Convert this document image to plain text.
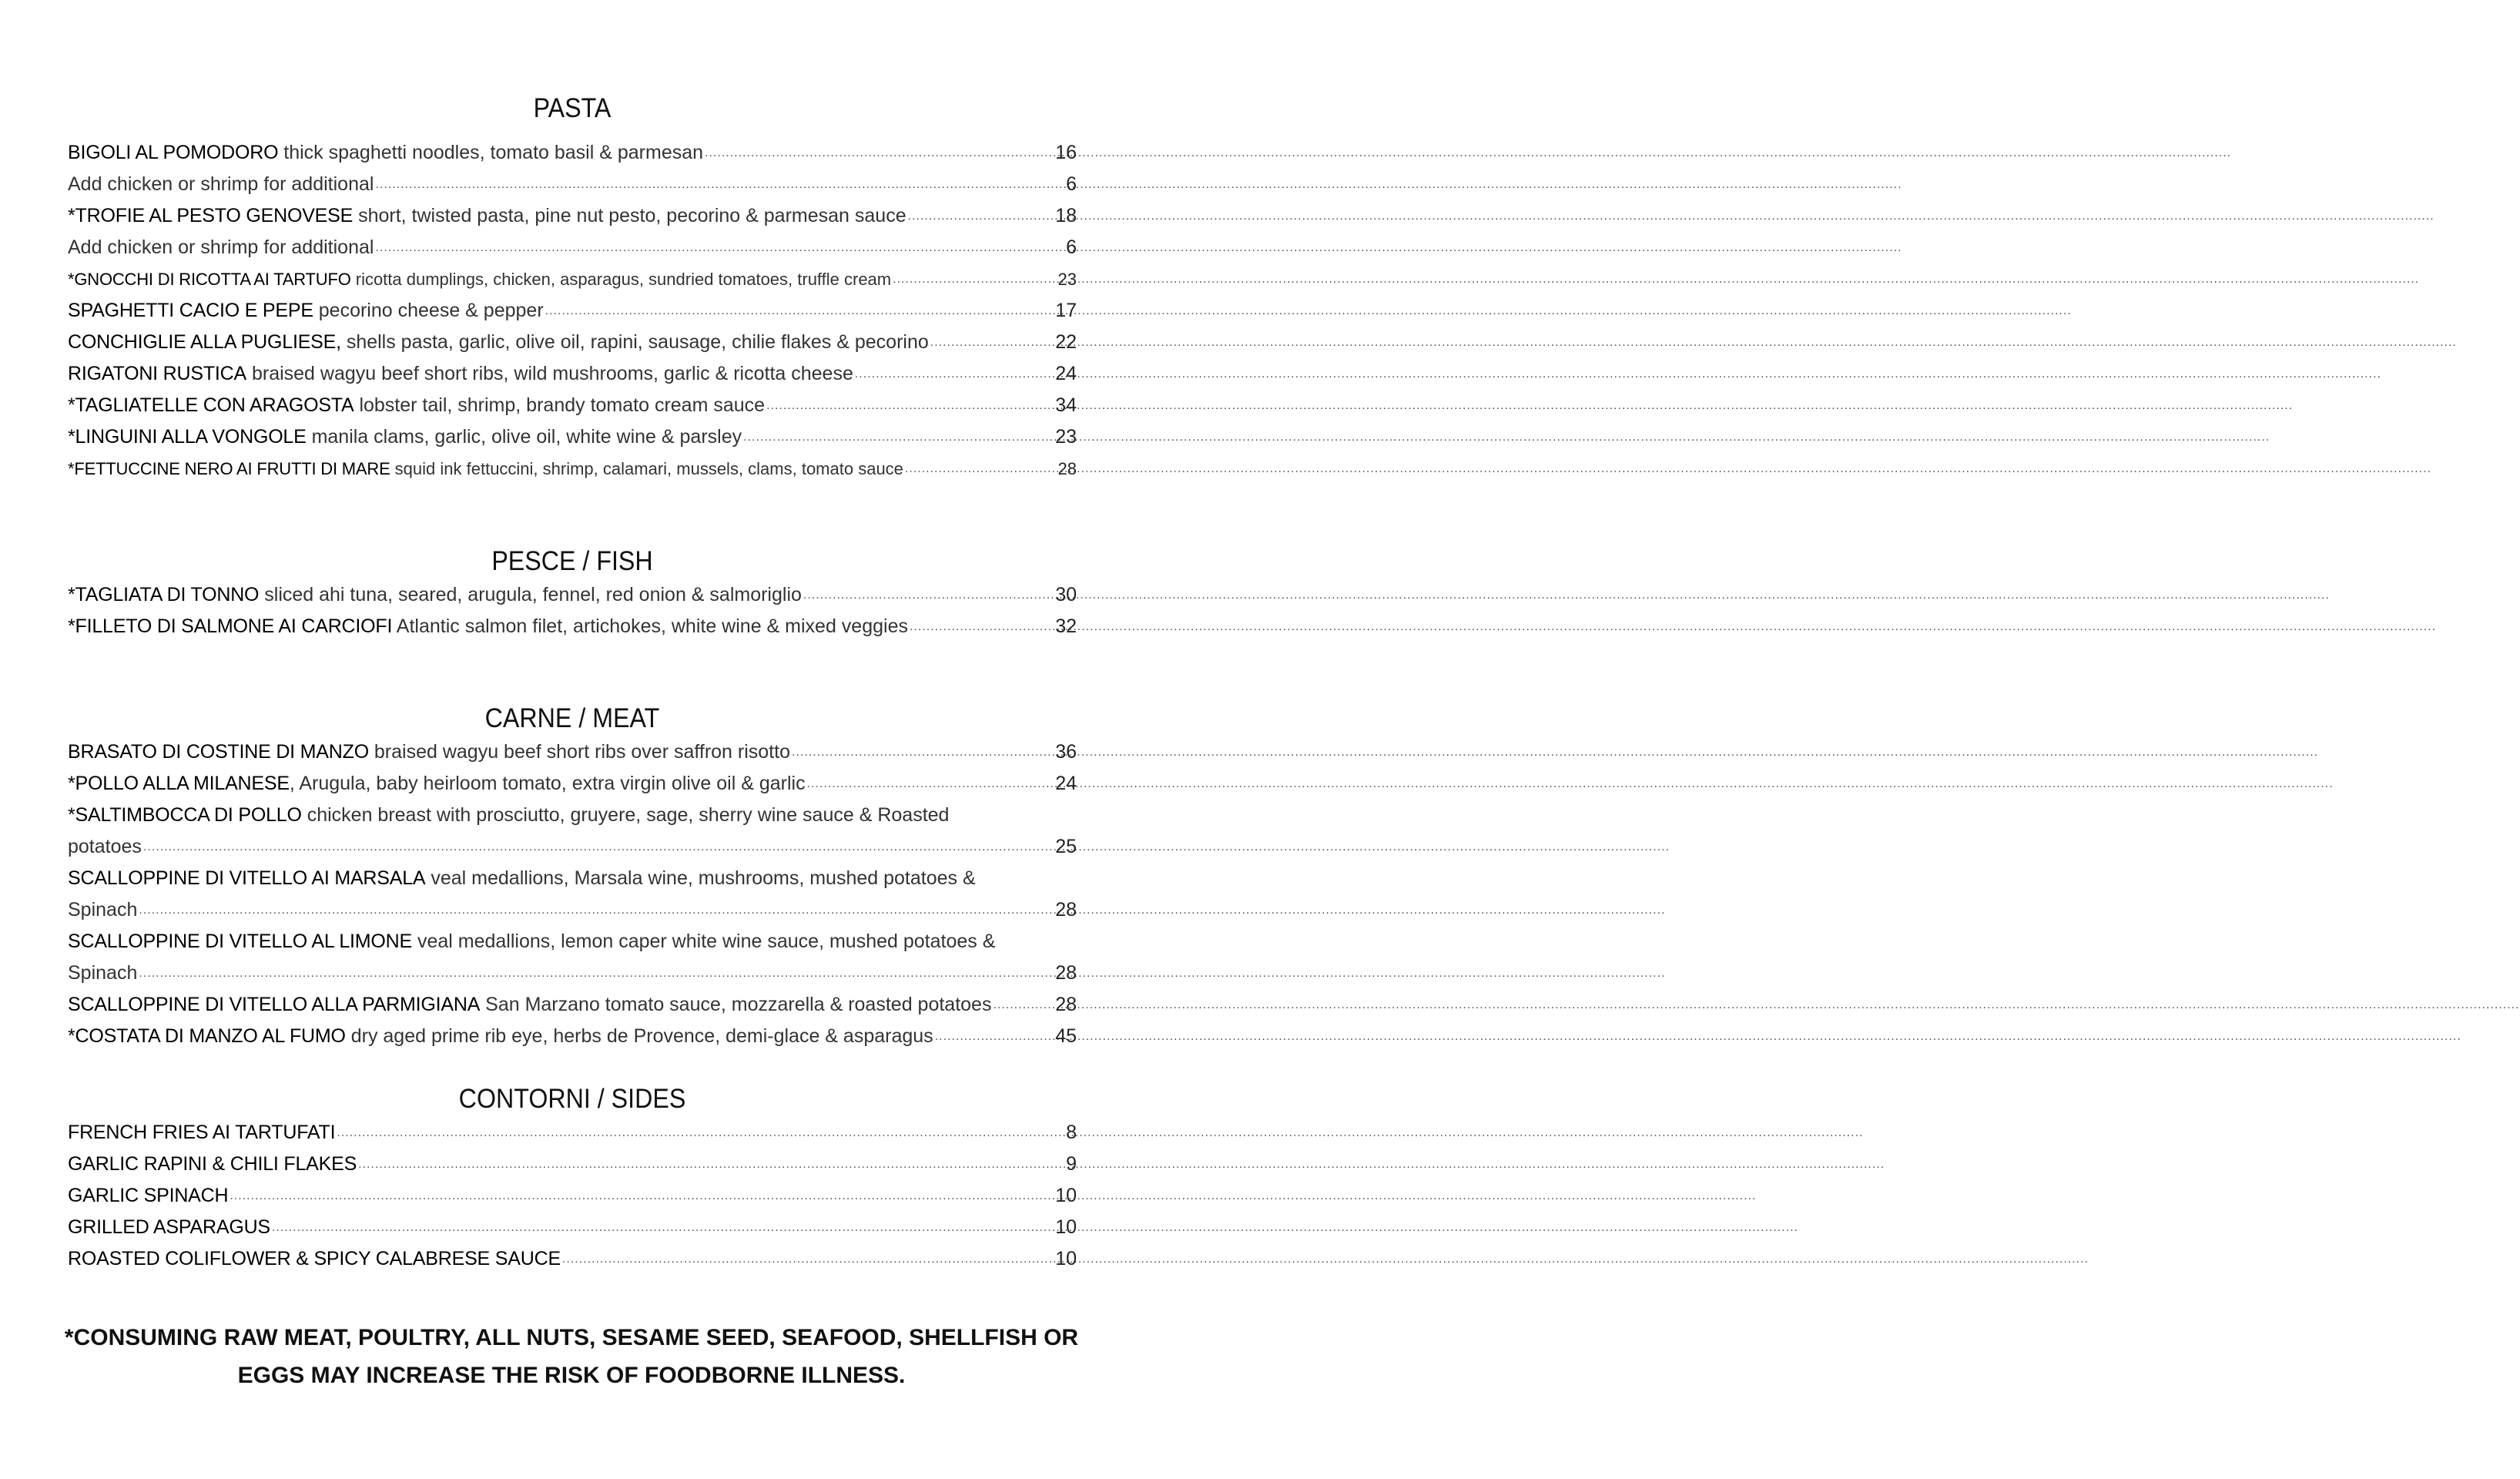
PASTA
BIGOLI AL POMODORO thick spaghetti noodles, tomato basil & parmesan .....	16
Add chicken or shrimp for additional .....	6
*TROFIE AL PESTO GENOVESE short, twisted pasta, pine nut pesto, pecorino & parmesan sauce .....	18
Add chicken or shrimp for additional .....	6
*GNOCCHI DI RICOTTA AI TARTUFO ricotta dumplings, chicken, asparagus, sundried tomatoes, truffle cream .....	23
SPAGHETTI CACIO E PEPE pecorino cheese & pepper .....	17
CONCHIGLIE ALLA PUGLIESE, shells pasta, garlic, olive oil, rapini, sausage, chilie flakes & pecorino .....	22
RIGATONI RUSTICA braised wagyu beef short ribs, wild mushrooms, garlic & ricotta cheese .....	24
*TAGLIATELLE CON ARAGOSTA lobster tail, shrimp, brandy tomato cream sauce .....	34
*LINGUINI ALLA VONGOLE manila clams, garlic, olive oil, white wine & parsley .....	23
*FETTUCCINE NERO AI FRUTTI DI MARE squid ink fettuccini, shrimp, calamari, mussels, clams, tomato sauce .....	28
PESCE / FISH
*TAGLIATA DI TONNO sliced ahi tuna, seared, arugula, fennel, red onion & salmoriglio .....	30
*FILLETO DI SALMONE AI CARCIOFI Atlantic salmon filet, artichokes, white wine & mixed veggies .....	32
CARNE / MEAT
BRASATO DI COSTINE DI MANZO braised wagyu beef short ribs over saffron risotto .....	36
*POLLO ALLA MILANESE, Arugula, baby heirloom tomato, extra virgin olive oil & garlic .....	24
*SALTIMBOCCA DI POLLO chicken breast with prosciutto, gruyere, sage, sherry wine sauce & Roasted
potatoes .....	25
SCALLOPPINE DI VITELLO AI MARSALA veal medallions, Marsala wine, mushrooms, mushed potatoes &
Spinach .....	28
SCALLOPPINE DI VITELLO AL LIMONE veal medallions, lemon caper white wine sauce, mushed potatoes &
Spinach .....	28
SCALLOPPINE DI VITELLO ALLA PARMIGIANA San Marzano tomato sauce, mozzarella & roasted potatoes .....	28
*COSTATA DI MANZO AL FUMO dry aged prime rib eye, herbs de Provence, demi-glace & asparagus .....	45
CONTORNI / SIDES
FRENCH FRIES AI TARTUFATI .....	8
GARLIC RAPINI & CHILI FLAKES .....	9
GARLIC SPINACH .....	10
GRILLED ASPARAGUS .....	10
ROASTED COLIFLOWER & SPICY CALABRESE SAUCE .....	10
*CONSUMING RAW MEAT, POULTRY, ALL NUTS, SESAME SEED, SEAFOOD, SHELLFISH OR
EGGS MAY INCREASE THE RISK OF FOODBORNE ILLNESS.
